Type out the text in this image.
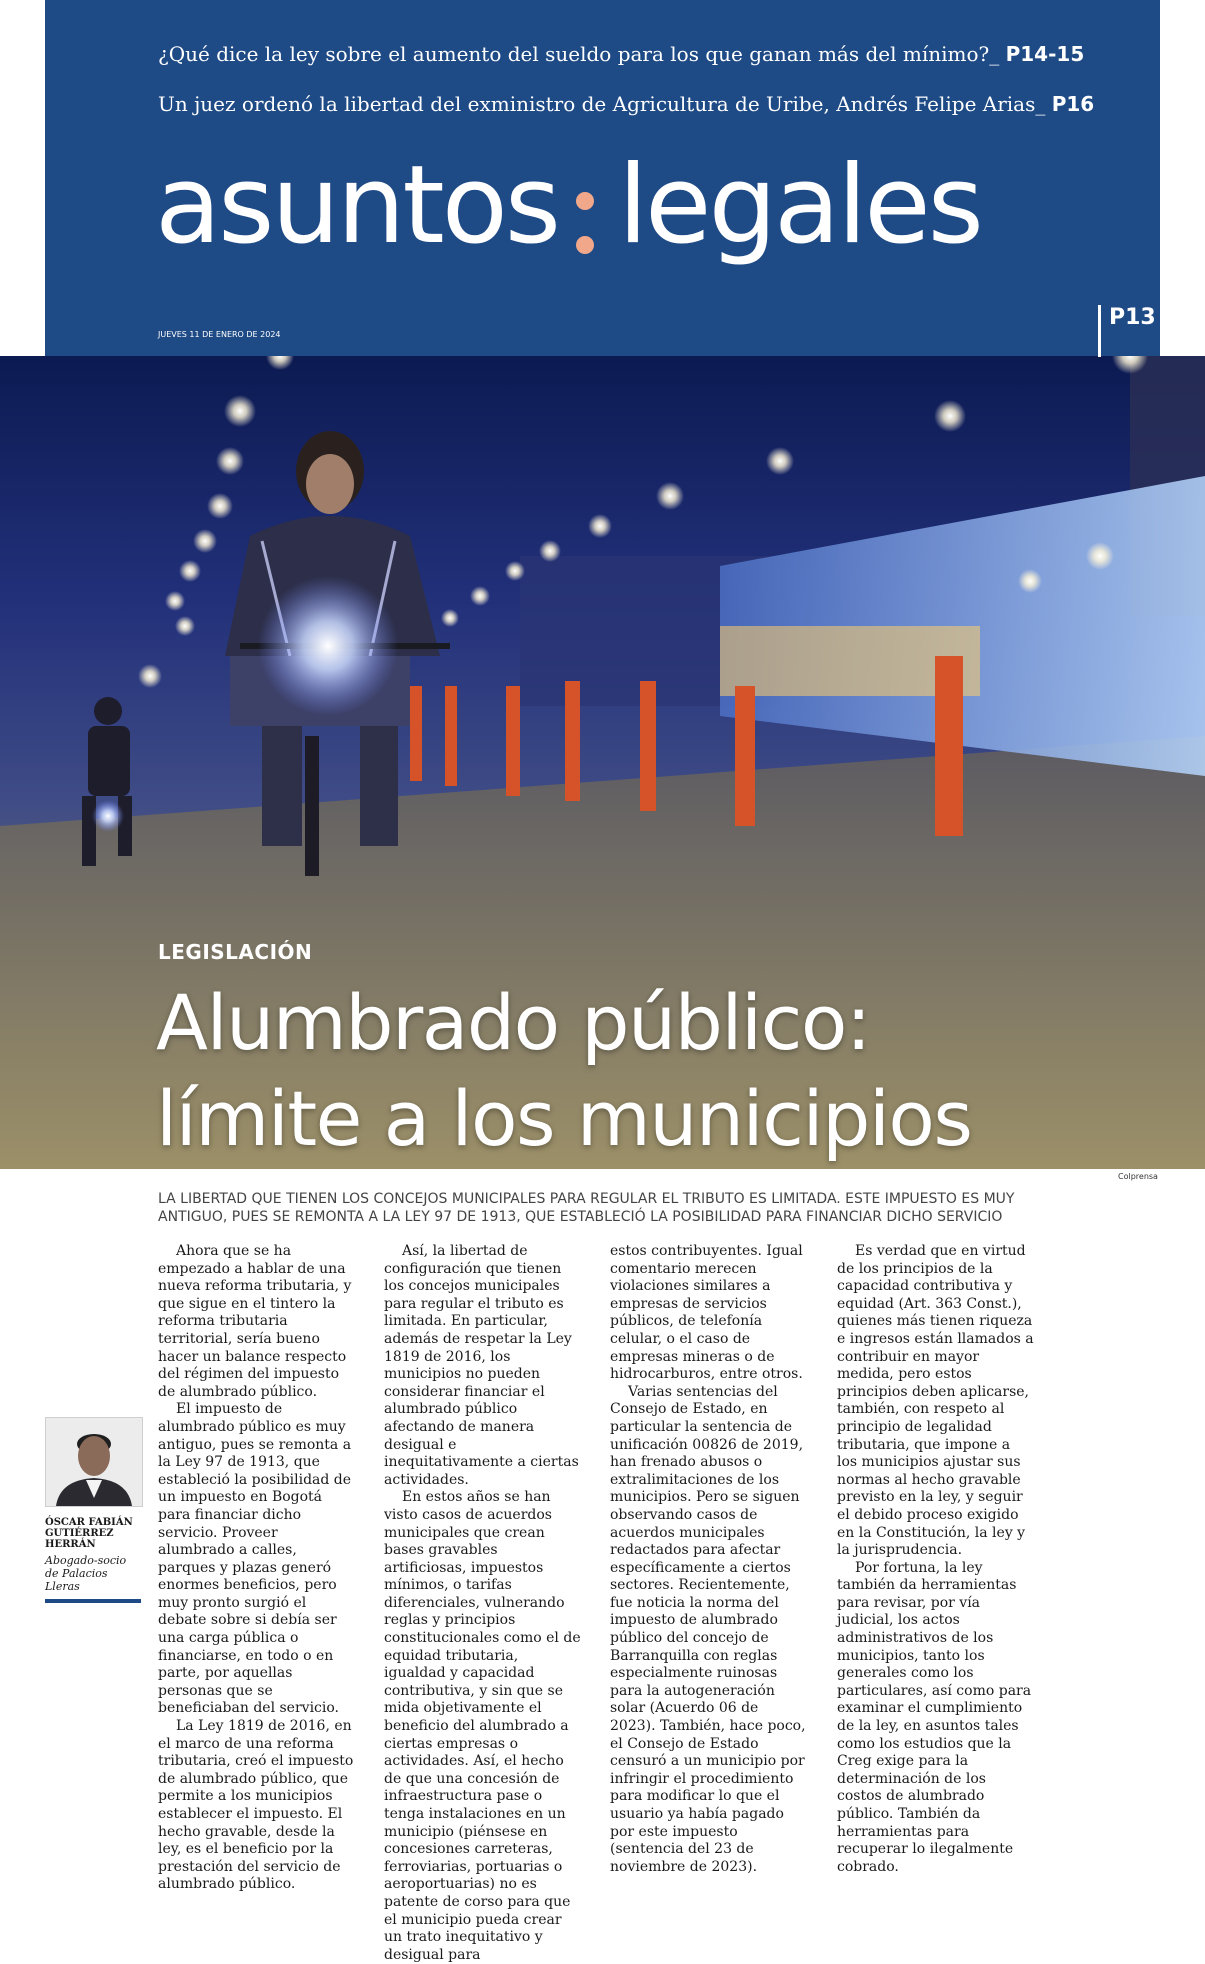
¿Qué dice la ley sobre el aumento del sueldo para los que ganan más del mínimo?_ P14-15
Un juez ordenó la libertad del exministro de Agricultura de Uribe, Andrés Felipe Arias_ P16
asuntos legales
JUEVES 11 DE ENERO DE 2024
P13
LEGISLACIÓN
Alumbrado público:
límite a los municipios
Colprensa
LA LIBERTAD QUE TIENEN LOS CONCEJOS MUNICIPALES PARA REGULAR EL TRIBUTO ES LIMITADA. ESTE IMPUESTO ES MUY ANTIGUO, PUES SE REMONTA A LA LEY 97 DE 1913, QUE ESTABLECIÓ LA POSIBILIDAD PARA FINANCIAR DICHO SERVICIO
ÓSCAR FABIÁN GUTIÉRREZ HERRÁN
Abogado-socio de Palacios Lleras

Ahora que se ha empezado a hablar de una nueva reforma tributaria, y que sigue en el tintero la reforma tributaria territorial, sería bueno hacer un balance respecto del régimen del impuesto de alumbrado público.

El impuesto de alumbrado público es muy antiguo, pues se remonta a la Ley 97 de 1913, que estableció la posibilidad de un impuesto en Bogotá para financiar dicho servicio. Proveer alumbrado a calles, parques y plazas generó enormes beneficios, pero muy pronto surgió el debate sobre si debía ser una carga pública o financiarse, en todo o en parte, por aquellas personas que se beneficiaban del servicio.

La Ley 1819 de 2016, en el marco de una reforma tributaria, creó el impuesto de alumbrado público, que permite a los municipios establecer el impuesto. El hecho gravable, desde la ley, es el beneficio por la prestación del servicio de alumbrado público.

Así, la libertad de configuración que tienen los concejos municipales para regular el tributo es limitada. En particular, además de respetar la Ley 1819 de 2016, los municipios no pueden considerar financiar el alumbrado público afectando de manera desigual e inequitativamente a ciertas actividades.

En estos años se han visto casos de acuerdos municipales que crean bases gravables artificiosas, impuestos mínimos, o tarifas diferenciales, vulnerando reglas y principios constitucionales como el de equidad tributaria, igualdad y capacidad contributiva, y sin que se mida objetivamente el beneficio del alumbrado a ciertas empresas o actividades. Así, el hecho de que una concesión de infraestructura pase o tenga instalaciones en un municipio (piénsese en concesiones carreteras, ferroviarias, portuarias o aeroportuarias) no es patente de corso para que el municipio pueda crear un trato inequitativo y desigual para

estos contribuyentes. Igual comentario merecen violaciones similares a empresas de servicios públicos, de telefonía celular, o el caso de empresas mineras o de hidrocarburos, entre otros.

Varias sentencias del Consejo de Estado, en particular la sentencia de unificación 00826 de 2019, han frenado abusos o extralimitaciones de los municipios. Pero se siguen observando casos de acuerdos municipales redactados para afectar específicamente a ciertos sectores. Recientemente, fue noticia la norma del impuesto de alumbrado público del concejo de Barranquilla con reglas especialmente ruinosas para la autogeneración solar (Acuerdo 06 de 2023). También, hace poco, el Consejo de Estado censuró a un municipio por infringir el procedimiento para modificar lo que el usuario ya había pagado por este impuesto (sentencia del 23 de noviembre de 2023).

Es verdad que en virtud de los principios de la capacidad contributiva y equidad (Art. 363 Const.), quienes más tienen riqueza e ingresos están llamados a contribuir en mayor medida, pero estos principios deben aplicarse, también, con respeto al principio de legalidad tributaria, que impone a los municipios ajustar sus normas al hecho gravable previsto en la ley, y seguir el debido proceso exigido en la Constitución, la ley y la jurisprudencia.

Por fortuna, la ley también da herramientas para revisar, por vía judicial, los actos administrativos de los municipios, tanto los generales como los particulares, así como para examinar el cumplimiento de la ley, en asuntos tales como los estudios que la Creg exige para la determinación de los costos de alumbrado público. También da herramientas para recuperar lo ilegalmente cobrado.
